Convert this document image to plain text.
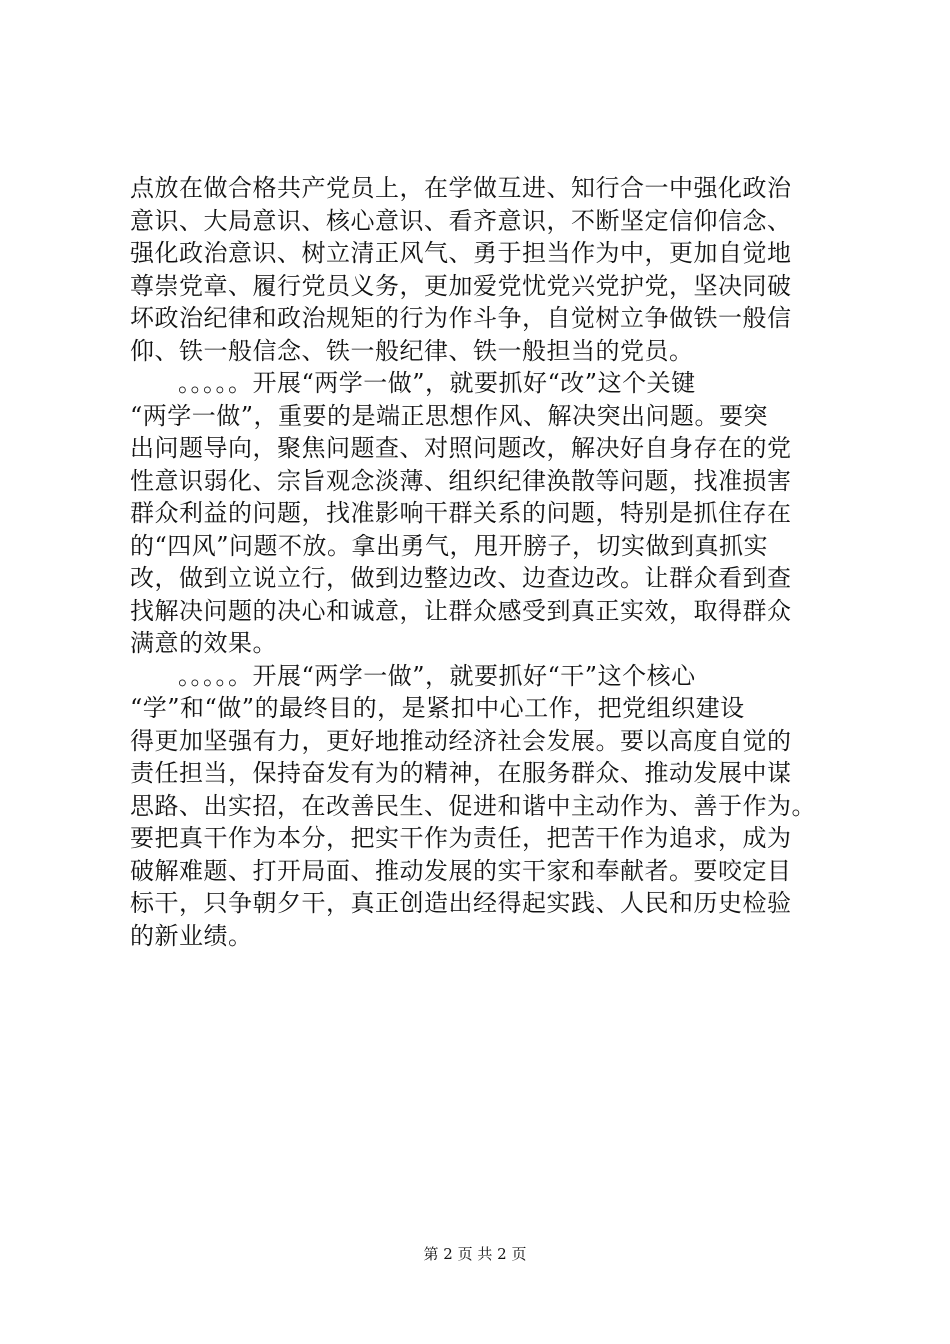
点放在做合格共产党员上，在学做互进、知行合一中强化政治
意识、大局意识、核心意识、看齐意识，不断坚定信仰信念、
强化政治意识、树立清正风气、勇于担当作为中，更加自觉地
尊崇党章、履行党员义务，更加爱党忧党兴党护党，坚决同破
坏政治纪律和政治规矩的行为作斗争，自觉树立争做铁一般信
仰、铁一般信念、铁一般纪律、铁一般担当的党员。
。。。。。开展“两学一做”，就要抓好“改”这个关键
“两学一做”，重要的是端正思想作风、解决突出问题。要突
出问题导向，聚焦问题查、对照问题改，解决好自身存在的党
性意识弱化、宗旨观念淡薄、组织纪律涣散等问题，找准损害
群众利益的问题，找准影响干群关系的问题，特别是抓住存在
的“四风”问题不放。拿出勇气，甩开膀子，切实做到真抓实
改，做到立说立行，做到边整边改、边查边改。让群众看到查
找解决问题的决心和诚意，让群众感受到真正实效，取得群众
满意的效果。
。。。。。开展“两学一做”，就要抓好“干”这个核心
“学”和“做”的最终目的，是紧扣中心工作，把党组织建设
得更加坚强有力，更好地推动经济社会发展。要以高度自觉的
责任担当，保持奋发有为的精神，在服务群众、推动发展中谋
思路、出实招，在改善民生、促进和谐中主动作为、善于作为。
要把真干作为本分，把实干作为责任，把苦干作为追求，成为
破解难题、打开局面、推动发展的实干家和奉献者。要咬定目
标干，只争朝夕干，真正创造出经得起实践、人民和历史检验
的新业绩。
第 2 页 共 2 页
